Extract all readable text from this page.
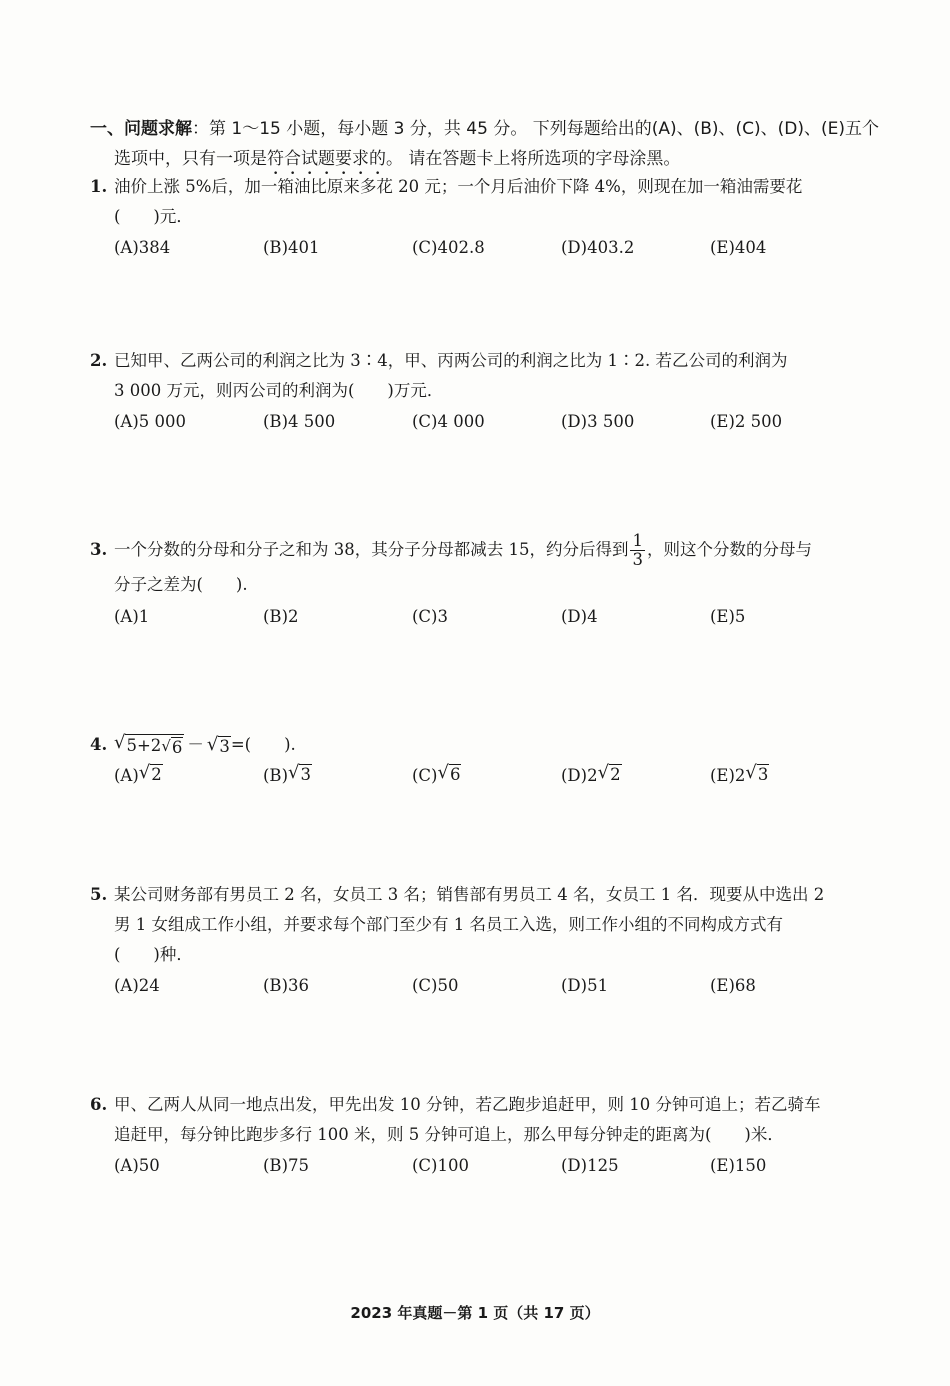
一、问题求解：第 1～15 小题，每小题 3 分，共 45 分。 下列每题给出的(A)、(B)、(C)、(D)、(E)五个
选项中，只有一项是符合试题要求的。 请在答题卡上将所选项的字母涂黑。
1. 油价上涨 5%后，加一箱油比原来多花 20 元；一个月后油价下降 4%，则现在加一箱油需要花
(　　)元．
(A)384	(B)401	(C)402.8	(D)403.2	(E)404
2. 已知甲、乙两公司的利润之比为 3∶4，甲、丙两公司的利润之比为 1∶2. 若乙公司的利润为
3 000 万元，则丙公司的利润为(　　)万元．
(A)5 000	(B)4 500	(C)4 000	(D)3 500	(E)2 500
3. 一个分数的分母和分子之和为 38，其分子分母都减去 15，约分后得到 $\frac{1}{3}$ ，则这个分数的分母与
分子之差为(　　).
(A)1	(B)2	(C)3	(D)4	(E)5
4. √ 5+2 √ 6 － √ 3 =(　　).
(A) √ 2	(B) √ 3	(C) √ 6	(D)2 √ 2	(E)2 √ 3
5. 某公司财务部有男员工 2 名，女员工 3 名；销售部有男员工 4 名，女员工 1 名．现要从中选出 2
男 1 女组成工作小组，并要求每个部门至少有 1 名员工入选，则工作小组的不同构成方式有
(　　)种．
(A)24	(B)36	(C)50	(D)51	(E)68
6. 甲、乙两人从同一地点出发，甲先出发 10 分钟，若乙跑步追赶甲，则 10 分钟可追上；若乙骑车
追赶甲，每分钟比跑步多行 100 米，则 5 分钟可追上，那么甲每分钟走的距离为(　　)米．
(A)50	(B)75	(C)100	(D)125	(E)150
2023 年真题－第 1 页（共 17 页）
